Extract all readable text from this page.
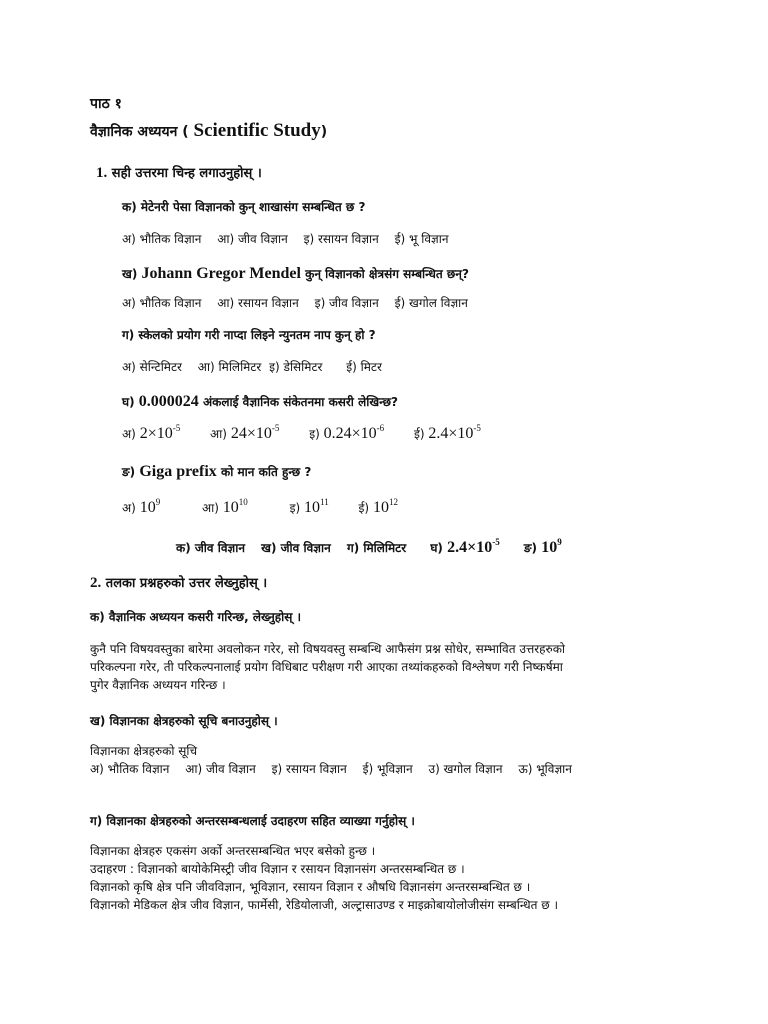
पाठ १
वैज्ञानिक अध्ययन ( Scientific Study)
1. सही उत्तरमा चिन्ह लगाउनुहोस् ।
क) मेटेनरी पेसा विज्ञानको कुन् शाखासंग सम्बन्धित छ ?
अ) भौतिक विज्ञान आ) जीव विज्ञान इ) रसायन विज्ञान ई) भू विज्ञान
ख) Johann Gregor Mendel कुन् विज्ञानको क्षेत्रसंग सम्बन्धित छन्?
अ) भौतिक विज्ञान आ) रसायन विज्ञान इ) जीव विज्ञान ई) खगोल विज्ञान
ग) स्केलको प्रयोग गरी नाप्दा लिइने न्युनतम नाप कुन् हो ?
अ) सेन्टिमिटर आ) मिलिमिटर इ) डेसिमिटर ई) मिटर
घ) 0.000024 अंकलाई वैज्ञानिक संकेतनमा कसरी लेखिन्छ?
अ) $2\times 10^{-5}$ आ) $24\times 10^{-5}$ इ) $0.24\times 10^{-6}$ ई) $2.4\times 10^{-5}$
ङ) Giga prefix को मान कति हुन्छ ?
अ) $10^9$	आ) $10^{10}$	इ) $10^{11}$ ई) $10^{12}$
क) जीव विज्ञान ख) जीव विज्ञान ग) मिलिमिटर घ) $2.4\times 10^{-5}$ ङ) $10^9$
2. तलका प्रश्नहरुको उत्तर लेख्नुहोस् ।
क) वैज्ञानिक अध्ययन कसरी गरिन्छ, लेख्नुहोस् ।
कुनै पनि विषयवस्तुका बारेमा अवलोकन गरेर, सो विषयवस्तु सम्बन्धि आफैसंग प्रश्न सोधेर, सम्भावित उत्तरहरुको
परिकल्पना गरेर, ती परिकल्पनालाई प्रयोग विधिबाट परीक्षण गरी आएका तथ्यांकहरुको विश्लेषण गरी निष्कर्षमा
पुगेर वैज्ञानिक अध्ययन गरिन्छ ।
ख) विज्ञानका क्षेत्रहरुको सूचि बनाउनुहोस् ।
विज्ञानका क्षेत्रहरुको सूचि
अ) भौतिक विज्ञान आ) जीव विज्ञान इ) रसायन विज्ञान ई) भूविज्ञान उ) खगोल विज्ञान ऊ) भूविज्ञान
ग) विज्ञानका क्षेत्रहरुको अन्तरसम्बन्धलाई उदाहरण सहित व्याख्या गर्नुहोस् ।
विज्ञानका क्षेत्रहरु एकसंग अर्को अन्तरसम्बन्धित भएर बसेको हुन्छ ।
उदाहरण : विज्ञानको बायोकेमिस्ट्री जीव विज्ञान र रसायन विज्ञानसंग अन्तरसम्बन्धित छ ।
विज्ञानको कृषि क्षेत्र पनि जीवविज्ञान, भूविज्ञान, रसायन विज्ञान र औषधि विज्ञानसंग अन्तरसम्बन्धित छ ।
विज्ञानको मेडिकल क्षेत्र जीव विज्ञान, फार्मेसी, रेडियोलाजी, अल्ट्रासाउण्ड र माइक्रोबायोलोजीसंग सम्बन्धित छ ।
